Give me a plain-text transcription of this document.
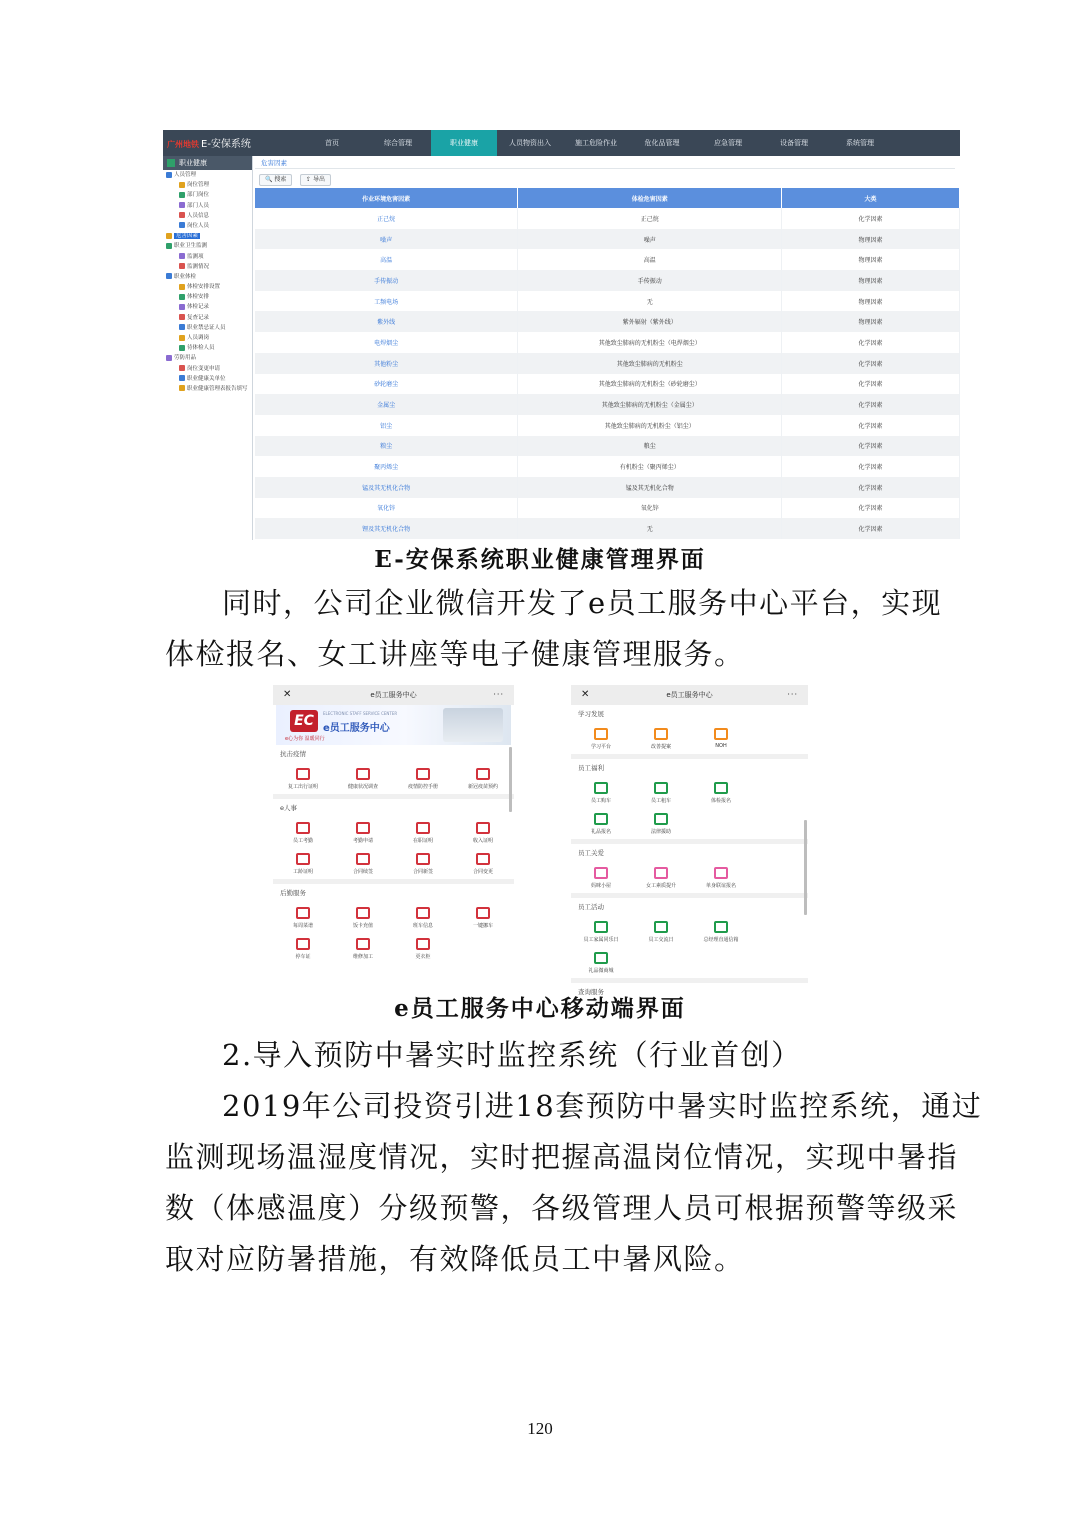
广州地铁 E-安保系统	首页	综合管理	职业健康	人员物资出入	施工危险作业	危化品管理	应急管理	设备管理	系统管理
职业健康
人员管理
岗位管理
部门岗位
部门人员
人员信息
岗位人员
危害因素
职业卫生监测
监测项
监测情况
职业体检
体检安排设置
体检安排
体检记录
复查记录
职业禁忌证人员
人员调岗
待体检人员
劳防用品
岗位变更申请
职业健康关单位
职业健康管理表报告填写
危害因素
🔍 搜索	⇪ 导出
作业环境危害因素	体检危害因素	大类
正己烷	正己烷	化学因素
噪声	噪声	物理因素
高温	高温	物理因素
手传振动	手传振动	物理因素
工频电场	无	物理因素
紫外线	紫外辐射（紫外线）	物理因素
电焊烟尘	其他致尘肺病的无机粉尘（电焊烟尘）	化学因素
其他粉尘	其他致尘肺病的无机粉尘	化学因素
砂轮磨尘	其他致尘肺病的无机粉尘（砂轮磨尘）	化学因素
金属尘	其他致尘肺病的无机粉尘（金属尘）	化学因素
铝尘	其他致尘肺病的无机粉尘（铝尘）	化学因素
粮尘	粮尘	化学因素
聚丙烯尘	有机粉尘（聚丙烯尘）	化学因素
锰及其无机化合物	锰及其无机化合物	化学因素
氧化锌	氧化锌	化学因素
锂及其无机化合物	无	化学因素
E-安保系统职业健康管理界面
同时，公司企业微信开发了e员工服务中心平台，实现
体检报名、女工讲座等电子健康管理服务。
✕	e员工服务中心	···
EC	ELECTRONIC STAFF SERVICE CENTER
e员工服务中心
e心为你 温暖同行
抗击疫情
复工出行证明	健康状况调查	疫情防控手册	新冠疫苗预约
e人事
员工考勤	考勤申请	在职证明	收入证明
工龄证明	合同续签	合同新签	合同变更
后勤服务
每周菜谱	饭卡充值	班车信息	一键挪车
停车证	维修加工	更衣柜
✕	e员工服务中心	···
学习发展
学习平台	改善提案	NOH
员工福利
员工购车	员工租车	体检报名
礼品报名	法律援助
员工关爱
妈咪小屋	女工素质提升	单身联谊报名
员工活动
员工家属同乐日	员工交流日	总经理直通信箱
礼品微商城
查询服务
e员工服务中心移动端界面
2.导入预防中暑实时监控系统（行业首创）
2019年公司投资引进18套预防中暑实时监控系统，通过
监测现场温湿度情况，实时把握高温岗位情况，实现中暑指
数（体感温度）分级预警，各级管理人员可根据预警等级采
取对应防暑措施，有效降低员工中暑风险。
120
